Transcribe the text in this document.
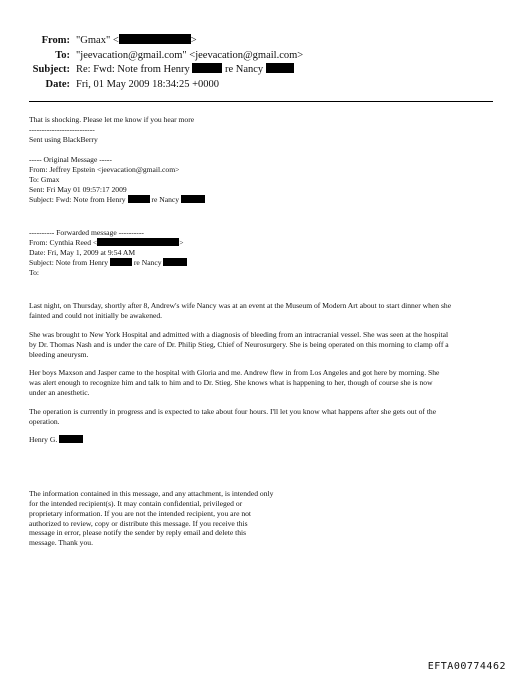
From: "Gmax" <	>
To: "jeevacation@gmail.com" <jeevacation@gmail.com>
Subject: Re: Fwd: Note from Henry	re Nancy
Date: Fri, 01 May 2009 18:34:25 +0000
That is shocking. Please let me know if you hear more
--------------------------
Sent using BlackBerry
----- Original Message -----
From: Jeffrey Epstein <jeevacation@gmail.com>
To: Gmax
Sent: Fri May 01 09:57:17 2009
Subject: Fwd: Note from Henry	re Nancy
---------- Forwarded message ----------
From: Cynthia Reed <	>
Date: Fri, May 1, 2009 at 9:54 AM
Subject: Note from Henry	re Nancy
To:
Last night, on Thursday, shortly after 8, Andrew's wife Nancy was at an event at the Museum of Modern Art about to start dinner when she
fainted and could not initially be awakened.
She was brought to New York Hospital and admitted with a diagnosis of bleeding from an intracranial vessel. She was seen at the hospital
by Dr. Thomas Nash and is under the care of Dr. Philip Stieg, Chief of Neurosurgery. She is being operated on this morning to clamp off a
bleeding aneurysm.
Her boys Maxson and Jasper came to the hospital with Gloria and me. Andrew flew in from Los Angeles and got here by morning. She
was alert enough to recognize him and talk to him and to Dr. Stieg. She knows what is happening to her, though of course she is now
under an anesthetic.
The operation is currently in progress and is expected to take about four hours. I'll let you know what happens after she gets out of the
operation.
Henry G.
The information contained in this message, and any attachment, is intended only
for the intended recipient(s). It may contain confidential, privileged or
proprietary information. If you are not the intended recipient, you are not
authorized to review, copy or distribute this message. If you receive this
message in error, please notify the sender by reply email and delete this
message. Thank you.
EFTA00774462
